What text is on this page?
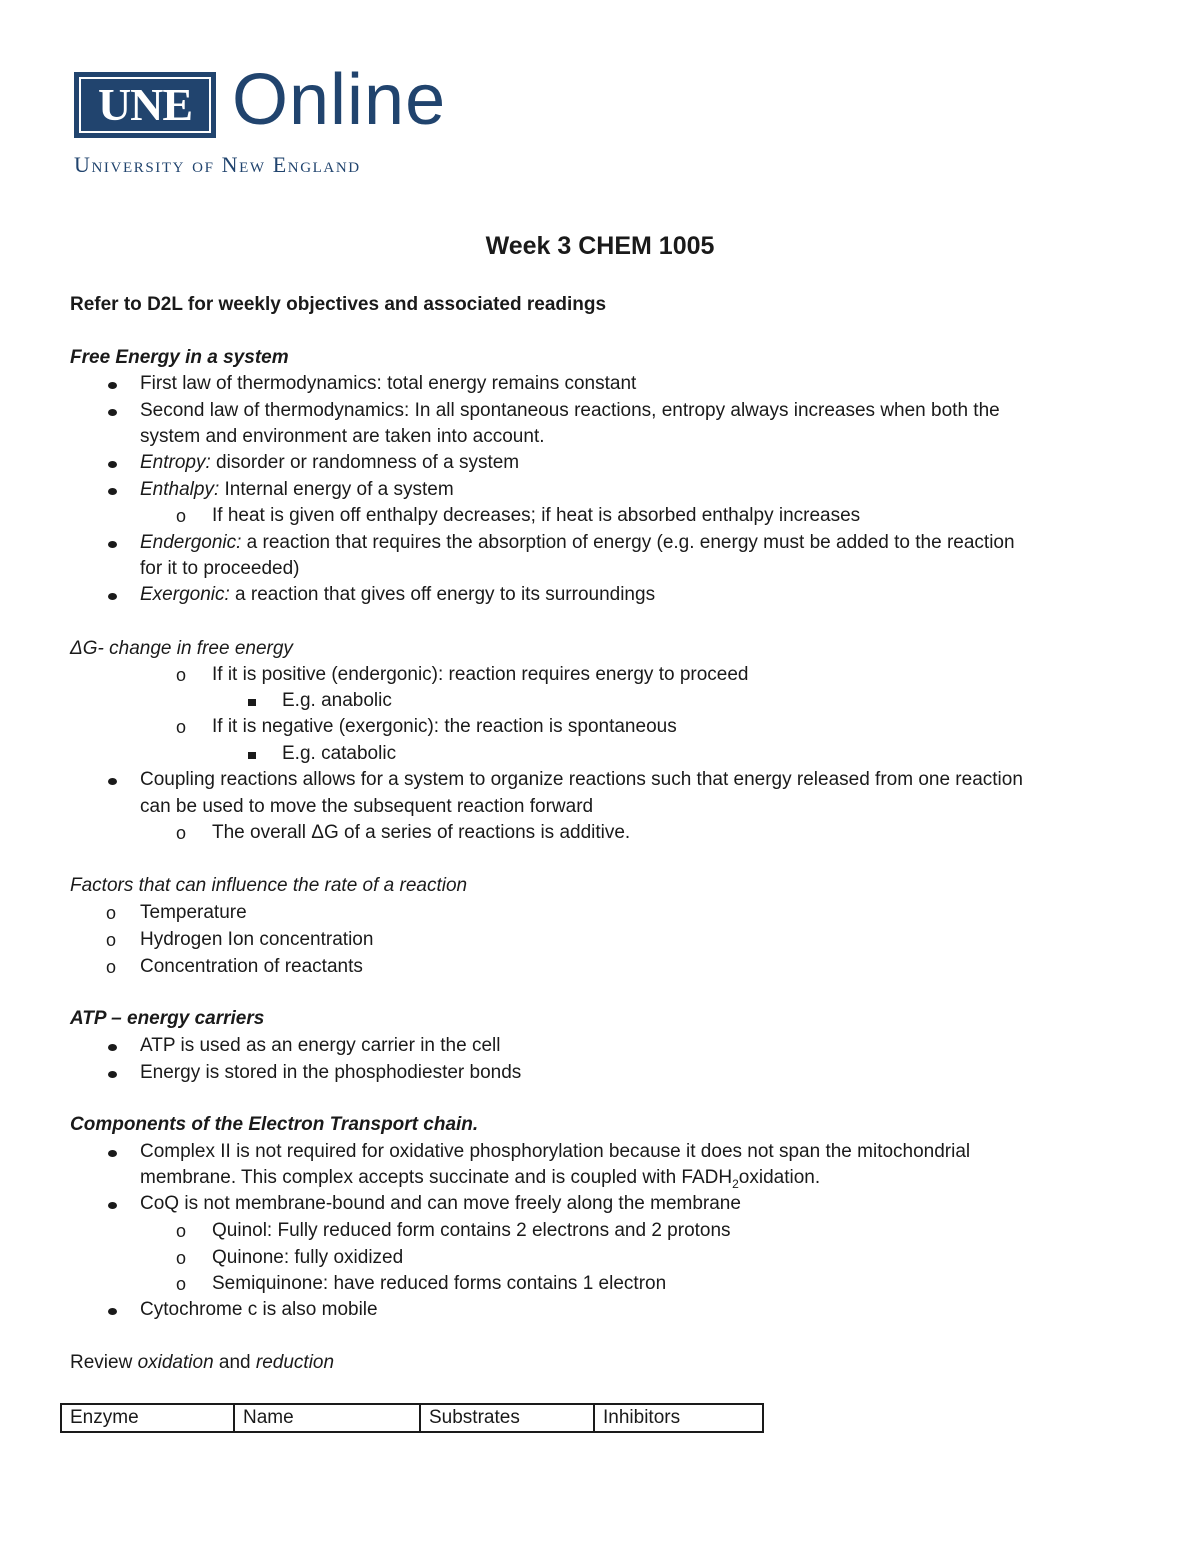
UNE Online
University of New England
Week 3 CHEM 1005
Refer to D2L for weekly objectives and associated readings
Free Energy in a system
First law of thermodynamics: total energy remains constant
Second law of thermodynamics: In all spontaneous reactions, entropy always increases when both the
system and environment are taken into account.
Entropy: disorder or randomness of a system
Enthalpy: Internal energy of a system
o If heat is given off enthalpy decreases; if heat is absorbed enthalpy increases
Endergonic: a reaction that requires the absorption of energy (e.g. energy must be added to the reaction
for it to proceeded)
Exergonic: a reaction that gives off energy to its surroundings
ΔG- change in free energy
o If it is positive (endergonic): reaction requires energy to proceed
E.g. anabolic
o If it is negative (exergonic): the reaction is spontaneous
E.g. catabolic
Coupling reactions allows for a system to organize reactions such that energy released from one reaction
can be used to move the subsequent reaction forward
o The overall ΔG of a series of reactions is additive.
Factors that can influence the rate of a reaction
o Temperature
o Hydrogen Ion concentration
o Concentration of reactants
ATP – energy carriers
ATP is used as an energy carrier in the cell
Energy is stored in the phosphodiester bonds
Components of the Electron Transport chain.
Complex II is not required for oxidative phosphorylation because it does not span the mitochondrial
membrane. This complex accepts succinate and is coupled with $FADH_2oxidation$.
CoQ is not membrane-bound and can move freely along the membrane
o Quinol: Fully reduced form contains 2 electrons and 2 protons
o Quinone: fully oxidized
o Semiquinone: have reduced forms contains 1 electron
Cytochrome c is also mobile
Review oxidation and reduction
Enzyme	Name	Substrates	Inhibitors
